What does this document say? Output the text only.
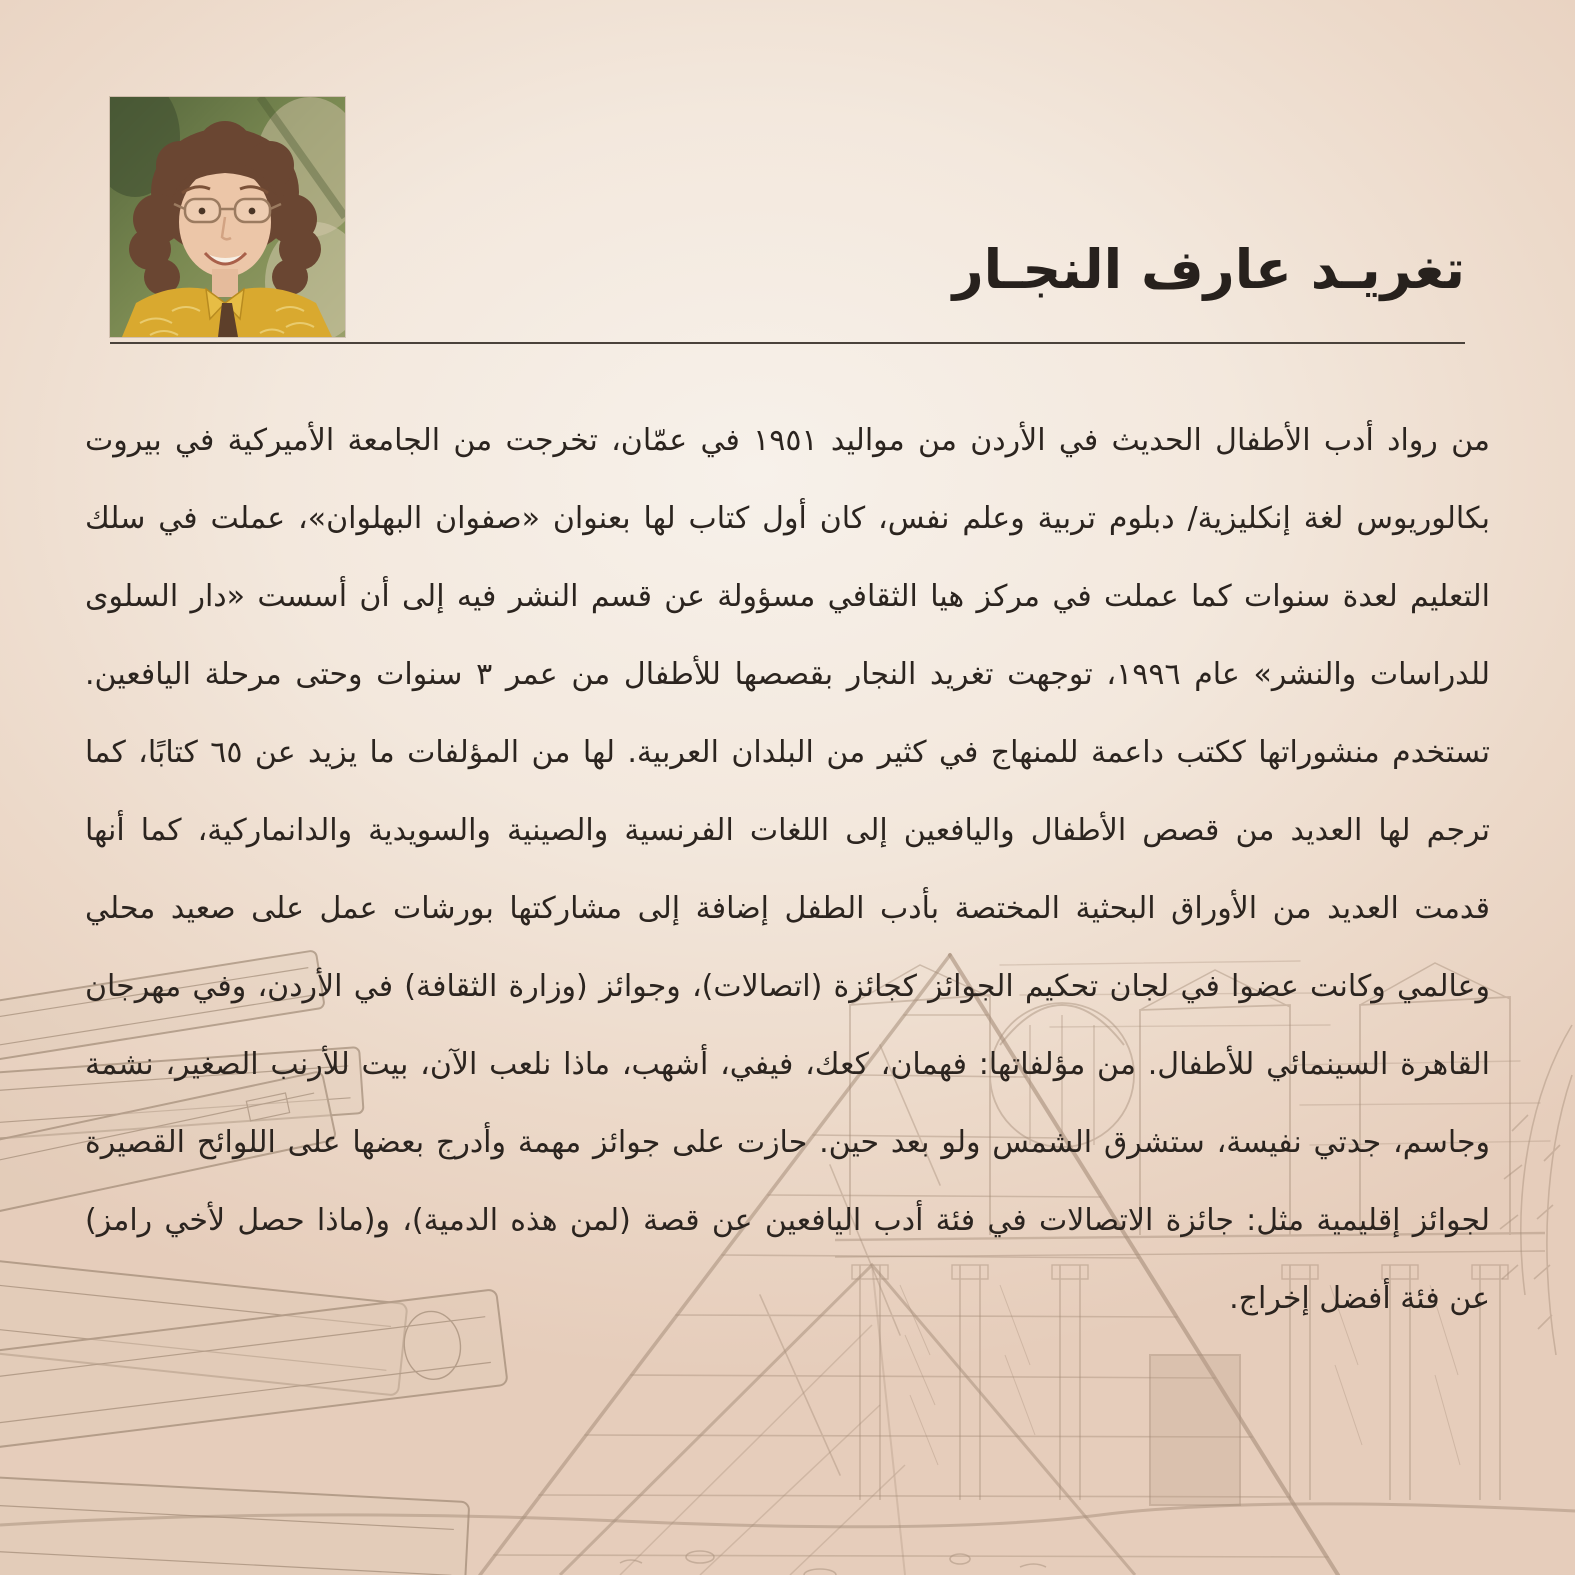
تغريـد عارف النجـار
من رواد أدب الأطفال الحديث في الأردن من مواليد ١٩٥١ في عمّان، تخرجت من الجامعة الأميركية في بيروت
بكالوريوس لغة إنكليزية/ دبلوم تربية وعلم نفس، كان أول كتاب لها بعنوان «صفوان البهلوان»، عملت في سلك
التعليم لعدة سنوات كما عملت في مركز هيا الثقافي مسؤولة عن قسم النشر فيه إلى أن أسست «دار السلوى
للدراسات والنشر» عام ١٩٩٦، توجهت تغريد النجار بقصصها للأطفال من عمر ٣ سنوات وحتى مرحلة اليافعين.
تستخدم منشوراتها ككتب داعمة للمنهاج في كثير من البلدان العربية. لها من المؤلفات ما يزيد عن ٦٥ كتابًا، كما
ترجم لها العديد من قصص الأطفال واليافعين إلى اللغات الفرنسية والصينية والسويدية والدانماركية، كما أنها
قدمت العديد من الأوراق البحثية المختصة بأدب الطفل إضافة إلى مشاركتها بورشات عمل على صعيد محلي
وعالمي وكانت عضوا في لجان تحكيم الجوائز كجائزة (اتصالات)، وجوائز (وزارة الثقافة) في الأردن، وفي مهرجان
القاهرة السينمائي للأطفال. من مؤلفاتها: فهمان، كعك، فيفي، أشهب، ماذا نلعب الآن، بيت للأرنب الصغير، نشمة
وجاسم، جدتي نفيسة، ستشرق الشمس ولو بعد حين. حازت على جوائز مهمة وأدرج بعضها على اللوائح القصيرة
لجوائز إقليمية مثل: جائزة الاتصالات في فئة أدب اليافعين عن قصة (لمن هذه الدمية)، و(ماذا حصل لأخي رامز)
عن فئة أفضل إخراج.
